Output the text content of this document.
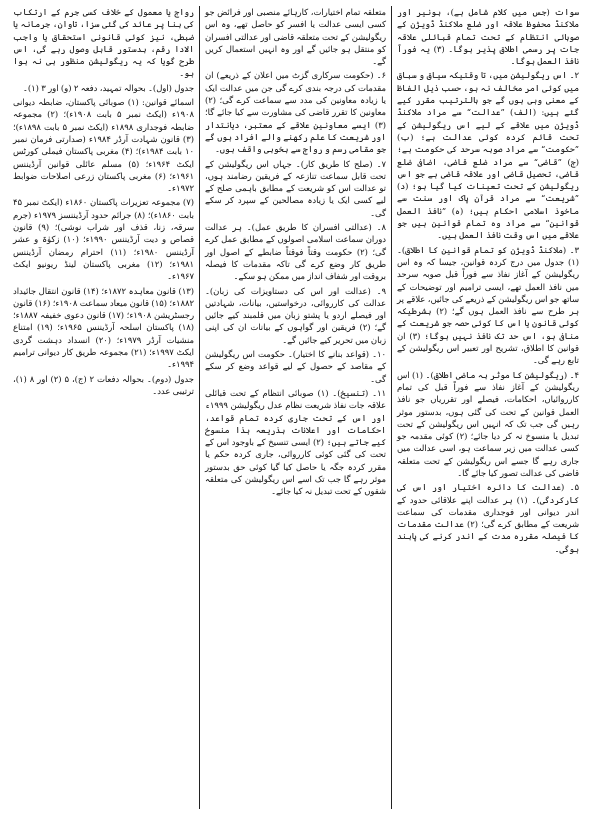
سوات (جس میں کلام شامل ہے)، بونیر اور ملاکنڈ محفوظ علاقہ اور ضلع ملاکنڈ ڈویژن کے صوبائی انتظام کے تحت تمام قبائلی علاقہ جات پر رسمی اطلاق پذیر ہوگا۔ (۳) یہ فوراً نافذ العمل ہوگا۔

۲۔ اس ریگولیشن میں، تا وقتیکہ سیاق و سباق میں کوئی امر مخالف نہ ہو، حسب ذیل الفاظ کے معنی وہی ہوں گے جو بالترتیب مقرر کیے گئے ہیں: (الف) ”عدالت“ سے مراد ملاکنڈ ڈویژن میں علاقے کے لیے اس ریگولیشن کے تحت قائم کردہ کوئی عدالت ہے؛ (ب) ”حکومت“ سے مراد صوبہ سرحد کی حکومت ہے؛ (ج) ”قاضی“ سے مراد ضلع قاضی، اضافی ضلع قاضی، تحصیل قاضی اور علاقہ قاضی ہے جو اس ریگولیشن کے تحت تعینات کیا گیا ہو؛ (د) ”شریعت“ سے مراد قرآن پاک اور سنت سے ماخوذ اسلامی احکام ہیں؛ (ہ) ”نافذ العمل قوانین“ سے مراد وہ تمام قوانین ہیں جو علاقے میں اس وقت نافذ العمل ہیں۔

۳۔ (ملاکنڈ ڈویژن کو تمام قوانین کا اطلاق)۔ (۱) جدول میں درج کردہ قوانین، جیسا کہ وہ اس ریگولیشن کے آغاز نفاذ سے فوراً قبل صوبہ سرحد میں نافذ العمل تھے، ایسی ترامیم اور توضیحات کے ساتھ جو اس ریگولیشن کے ذریعے کی جائیں، علاقے پر ہر طرح سے نافذ العمل ہوں گے؛ (۲) بشرطیکہ کوئی قانون یا اس کا کوئی حصہ جو شریعت کے منافی ہو، اس حد تک نافذ نہیں ہوگا؛ (۳) ان قوانین کا اطلاق، تشریح اور تعبیر اس ریگولیشن کے تابع رہے گی۔

۴۔ (ریگولیشن کا موثر بہ ماضی اطلاق)۔ (۱) اس ریگولیشن کے آغاز نفاذ سے فوراً قبل کی تمام کارروائیاں، احکامات، فیصلے اور تقرریاں جو نافذ العمل قوانین کے تحت کی گئی ہوں، بدستور موثر رہیں گی جب تک کہ انہیں اس ریگولیشن کے تحت تبدیل یا منسوخ نہ کر دیا جائے؛ (۲) کوئی مقدمہ جو کسی عدالت میں زیر سماعت ہو، اسی عدالت میں جاری رہے گا جسے اس ریگولیشن کے تحت متعلقہ قاضی کی عدالت تصور کیا جائے گا۔

۵۔ (عدالت کا دائرہ اختیار اور اس کی کارکردگی)۔ (۱) ہر عدالت اپنے علاقائی حدود کے اندر دیوانی اور فوجداری مقدمات کی سماعت شریعت کے مطابق کرے گی؛ (۲) عدالت مقدمات کا فیصلہ مقررہ مدت کے اندر کرنے کی پابند ہوگی۔

متعلقہ تمام اختیارات، کارہائے منصبی اور فرائض جو کسی ایسی عدالت یا افسر کو حاصل تھے، وہ اس ریگولیشن کے تحت متعلقہ قاضی اور عدالتی افسران کو منتقل ہو جائیں گے اور وہ انہیں استعمال کریں گے۔

۶۔ (حکومت سرکاری گزٹ میں اعلان کے ذریعے) ان مقدمات کی درجہ بندی کرے گی جن میں عدالت ایک یا زیادہ معاونین کی مدد سے سماعت کرے گی؛ (۲) معاونین کا تقرر قاضی کی مشاورت سے کیا جائے گا؛ (۳) ایسے معاونین علاقے کے معتبر، دیانتدار اور شریعت کا علم رکھنے والے افراد ہوں گے جو مقامی رسم و رواج سے بخوبی واقف ہوں۔

۷۔ (صلح کا طریق کار)۔ جہاں اس ریگولیشن کے تحت قابل سماعت تنازعہ کے فریقین رضامند ہوں، تو عدالت اس کو شریعت کے مطابق باہمی صلح کے لیے کسی ایک یا زیادہ مصالحین کے سپرد کر سکے گی۔

۸۔ (عدالتی افسران کا طریق عمل)۔ ہر عدالت دوران سماعت اسلامی اصولوں کے مطابق عمل کرے گی؛ (۲) حکومت وقتاً فوقتاً ضابطے کے اصول اور طریق کار وضع کرے گی تاکہ مقدمات کا فیصلہ بروقت اور شفاف انداز میں ممکن ہو سکے۔

۹۔ (عدالت اور اس کی دستاویزات کی زبان)۔ عدالت کی کارروائی، درخواستیں، بیانات، شہادتیں اور فیصلے اردو یا پشتو زبان میں قلمبند کیے جائیں گے؛ (۲) فریقین اور گواہوں کے بیانات ان کی اپنی زبان میں تحریر کیے جائیں گے۔

۱۰۔ (قواعد بنانے کا اختیار)۔ حکومت اس ریگولیشن کے مقاصد کے حصول کے لیے قواعد وضع کر سکے گی۔

۱۱۔ (تنسیخ)۔ (۱) صوبائی انتظام کے تحت قبائلی علاقہ جات نفاذ شریعت نظام عدل ریگولیشن ۱۹۹۹ء اور اس کے تحت جاری کردہ تمام قواعد، احکامات اور اعلانات بذریعہ ہذا منسوخ کیے جاتے ہیں؛ (۲) ایسی تنسیخ کے باوجود اس کے تحت کی گئی کوئی کارروائی، جاری کردہ حکم یا مقرر کردہ جگہ یا حاصل کیا گیا کوئی حق بدستور موثر رہے گا جب تک اسے اس ریگولیشن کی متعلقہ شقوں کے تحت تبدیل نہ کیا جائے۔

رواج یا معمول کے خلاف کسی جرم کے ارتکاب کی بنا پر عائد کی گئی سزا، تاوان، جرمانہ یا ضبطی، نیز کوئی قانونی استحقاق یا واجب الادا رقم، بدستور قابل وصول رہے گی، اس طرح گویا کہ یہ ریگولیشن منظور ہی نہ ہوا ہو۔

جدول (اول)۔ بحوالہ تمہید، دفعہ ۲ (و) اور ۳ (۱)۔

اسمائے قوانین: (۱) صوبائی پاکستان، ضابطہ دیوانی ۱۹۰۸ء (ایکٹ نمبر ۵ بابت ۱۹۰۸ء)؛ (۲) مجموعہ ضابطہ فوجداری ۱۸۹۸ء (ایکٹ نمبر ۵ بابت ۱۸۹۸ء)؛ (۳) قانون شہادت آرڈر ۱۹۸۴ء (صدارتی فرمان نمبر ۱۰ بابت ۱۹۸۴ء)؛ (۴) مغربی پاکستان فیملی کورٹس ایکٹ ۱۹۶۴ء؛ (۵) مسلم عائلی قوانین آرڈیننس ۱۹۶۱ء؛ (۶) مغربی پاکستان زرعی اصلاحات ضوابط ۱۹۷۲ء۔

(۷) مجموعہ تعزیرات پاکستان ۱۸۶۰ء (ایکٹ نمبر ۴۵ بابت ۱۸۶۰ء)؛ (۸) جرائم حدود آرڈیننسز ۱۹۷۹ء (جرم سرقہ، زنا، قذف اور شراب نوشی)؛ (۹) قانون قصاص و دیت آرڈیننس ۱۹۹۰ء؛ (۱۰) زکوٰۃ و عشر آرڈیننس ۱۹۸۰ء؛ (۱۱) احترام رمضان آرڈیننس ۱۹۸۱ء؛ (۱۲) مغربی پاکستان لینڈ ریونیو ایکٹ ۱۹۶۷ء۔

(۱۳) قانون معاہدہ ۱۸۷۲ء؛ (۱۴) قانون انتقال جائیداد ۱۸۸۲ء؛ (۱۵) قانون میعاد سماعت ۱۹۰۸ء؛ (۱۶) قانون رجسٹریشن ۱۹۰۸ء؛ (۱۷) قانون دعوی خفیفہ ۱۸۸۷ء؛ (۱۸) پاکستان اسلحہ آرڈیننس ۱۹۶۵ء؛ (۱۹) امتناع منشیات آرڈر ۱۹۷۹ء؛ (۲۰) انسداد دہشت گردی ایکٹ ۱۹۹۷ء؛ (۲۱) مجموعہ طریق کار دیوانی ترامیم ۱۹۹۴ء۔

جدول (دوم)۔ بحوالہ دفعات ۲ (ج)، ۵ (۲) اور ۸ (۱)، ترتیبی عدد۔
